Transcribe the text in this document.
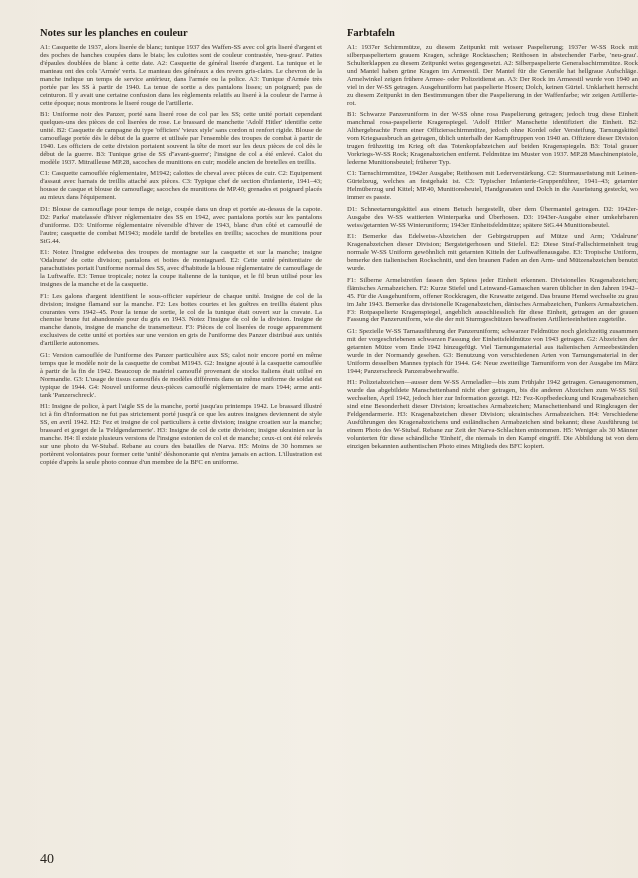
Notes sur les planches en couleur

A1: Casquette de 1937, alors liserée de blanc; tunique 1937 des Waffen-SS avec col gris liseré d'argent et des poches de hanches coupées dans le biais; les culottes sont de couleur contrastée, 'neu-grau'. Pattes d'épaules doublées de blanc à cette date. A2: Casquette de général liserée d'argent. La tunique et le manteau ont des cols 'Armée' verts. Le manteau des généraux a des revers gris-clairs. Le chevron de la manche indique un temps de service antérieur, dans l'armée ou la police. A3: Tunique d'Armée très portée par les SS à partir de 1940. La tenue de sortie a des pantalons lisses; un poignard; pas de ceinturon. Il y avait une certaine confusion dans les règlements relatifs au liseré à la couleur de l'arme à cette époque; nous montrons le liseré rouge de l'artillerie.

B1: Uniforme noir des Panzer, porté sans liseré rose de col par les SS; cette unité portait cependant quelques-uns des pièces de col liserées de rose. Le brassard de manchette 'Adolf Hitler' identifie cette unité. B2: Casquette de campagne du type 'officiers' 'vieux style' sans cordon ni renfort rigide. Blouse de camouflage portée dès le début de la guerre et utilisée par l'ensemble des troupes de combat à partir de 1940. Les officiers de cette division portaient souvent la tête de mort sur les deux pièces de col dès le début de la guerre. B3: Tunique grise de SS d''avant-guerre'; l'insigne de col a été enlevé. Calot du modèle 1937. Mitrailleuse MP.28, sacoches de munitions en cuir; modèle ancien de bretelles en treillis.

C1: Casquette camouflée réglementaire, M1942; calottes de cheval avec pièces de cuir. C2: Equipement d'assaut avec harnais de treillis attaché aux pièces. C3: Typique chef de section d'infanterie, 1941–43; housse de casque et blouse de camouflage; sacoches de munitions de MP.40; grenades et poignard placés au mieux dans l'équipement.

D1: Blouse de camouflage pour temps de neige, coupée dans un drap et portée au-dessus de la capote. D2: Parka' matelassée d'hiver réglementaire des SS en 1942, avec pantalons portés sur les pantalons d'uniforme. D3: Uniforme réglementaire réversible d'hiver de 1943, blanc d'un côté et camouflé de l'autre; casquette de combat M1943; modèle tardif de bretelles en treillis; sacoches de munitions pour StG.44.

E1: Notez l'insigne edelweiss des troupes de montagne sur la casquette et sur la manche; insigne 'Odalrune' de cette division; pantalons et bottes de montagnard. E2: Cette unité pénitentiaire de parachutistes portait l'uniforme normal des SS, avec d'habitude la blouse réglementaire de camouflage de la Luftwaffe. E3: Tenue tropicale; notez la coupe italienne de la tunique, et le fil brun utilisé pour les insignes de la manche et de la casquette.

F1: Les galons d'argent identifient le sous-officier supérieur de chaque unité. Insigne de col de la division; insigne flamand sur la manche. F2: Les bottes courtes et les guêtres en treillis étaient plus courantes vers 1942–45. Pour la tenue de sortie, le col de la tunique était ouvert sur la cravate. La chemise brune fut abandonnée pour du gris en 1943. Notez l'insigne de col de la division. Insigne de manche danois, insigne de manche de transmetteur. F3: Pièces de col liserées de rouge apparemment exclusives de cette unité et portées sur une version en gris de l'uniforme des Panzer distribué aux unités d'artillerie autonomes.

G1: Version camouflée de l'uniforme des Panzer particulière aux SS; calot noir encore porté en même temps que le modèle noir de la casquette de combat M1943. G2: Insigne ajouté à la casquette camouflée à partir de la fin de 1942. Beaucoup de matériel camouflé provenant de stocks italiens était utilisé en Normandie. G3: L'usage de tissus camouflés de modèles différents dans un même uniforme de soldat est typique de 1944. G4: Nouvel uniforme deux-pièces camouflé réglementaire de mars 1944; arme anti-tank 'Panzerschreck'.

H1: Insigne de police, à part l'aigle SS de la manche, porté jusqu'au printemps 1942. Le brassard illustré ici à fin d'information ne fut pas strictement porté jusqu'à ce que les autres insignes deviennent de style SS, en avril 1942. H2: Fez et insigne de col particuliers à cette division; insigne croatien sur la manche; brassard et gorget de la 'Feldgendarmerie'. H3: Insigne de col de cette division; insigne ukrainien sur la manche. H4: Il existe plusieurs versions de l'insigne estonien de col et de manche; ceux-ci ont été relevés sur une photo du W-Stubaf. Rebane au cours des batailles de Narva. H5: Moins de 30 hommes se portèrent volontaires pour former cette 'unité' déshonorante qui n'entra jamais en action. L'illustration est copiée d'après la seule photo connue d'un membre de la BFC en uniforme.

Farbtafeln

A1: 1937er Schirmmütze, zu diesem Zeitpunkt mit weisser Paspelierung; 1937er W-SS Rock mit silberpaspeliertem grauem Kragen, schräge Rocktaschen; Reithosen in abstechender Farbe, 'neu-grau'. Schulterklappen zu diesem Zeitpunkt weiss gegengesetzt. A2: Silberpaspelierte Generalsschirmmütze. Rock und Mantel haben grüne Kragen im Armeestil. Der Mantel für die Generäle hat hellgraue Aufschläge. Armelwinkel zeigen frühere Armee- oder Polizeidienst an. A3: Der Rock im Armeestil wurde von 1940 an viel in der W-SS getragen. Ausgehuniform hat paspelierte Hosen; Dolch, keinen Gürtel. Unklarheit herrscht zu diesem Zeitpunkt in den Bestimmungen über die Paspelierung in der Waffenfarbe; wir zeigen Artillerie-rot.

B1: Schwarze Panzeruniform in der W-SS ohne rosa Paspelierung getragen; jedoch trug diese Einheit manchmal rosa-paspelierte Kragenspiegel. 'Adolf Hitler' Manschette identifiziert die Einheit. B2: Althergebrachte Form einer Offiziersschirmmütze, jedoch ohne Kordel oder Versteifung. Tarnungskittel vom Kriegsausbruch an getragen, üblich unterhalb der Kampftruppen von 1940 an. Offiziere dieser Division trugen frühzeitig im Krieg oft das Totenkopfabzeichen auf beiden Kragenspiegeln. B3: Total grauer Vorkriegs-W-SS Rock; Kragenabzeichen entfernt. Feldmütze im Muster von 1937. MP.28 Maschinenpistole, lederne Munitionsbeutel; früherer Typ.

C1: Tarnschirmmütze, 1942er Ausgabe; Reithosen mit Lederverstärkung. C2: Sturmausrüstung mit Leinen-Gürtelzeug, welches an festgehakt ist. C3: Typischer Infanterie-Gruppenführer, 1941–43; getarnter Helmüberzug und Kittel; MP.40, Munitionsbeutel, Handgranaten und Dolch in die Ausrüstung gesteckt, wo immer es passte.

D1: Schneetarnungskittel aus einem Betuch hergestellt, über dem Übermantel getragen. D2: 1942er-Ausgabe des W-SS wattierten Winterparka und Überhosen. D3: 1943er-Ausgabe einer umkehrbaren weiss/getarnten W-SS Winteruniform; 1943er Einheitsfeldmütze; spätere StG.44 Munitionsbeutel.

E1: Bemerke das Edelweiss-Abzeichen der Gebirgstruppen auf Mütze und Arm; 'Odalrune' Kragenabzeichen dieser Division; Bergsteigerhosen und Stiefel. E2: Diese Straf-Fallschirmeinheit trug normale W-SS Uniform gewöhnlich mit getarnten Kitteln der Luftwaffenausgabe. E3: Tropische Uniform, bemerke den italienischen Rockschnitt, und den braunen Faden an den Arm- und Mützenabzeichen benutzt wurde.

F1: Silberne Armelstreifen fassen den Spiess jeder Einheit erkennen. Divisionelles Kragenabzeichen; flämisches Armabzeichen. F2: Kurze Stiefel und Leinwand-Gamaschen waren üblicher in den Jahren 1942–45. Für die Ausgehuniform, offener Rockkragen, die Krawatte zeigend. Das braune Hemd wechselte zu grau im Jahr 1943. Bemerke das divisionelle Kragenabzeichen, dänisches Armabzeichen, Funkers Armabzeichen. F3: Rotpaspelierte Kragenspiegel, angeblich ausschliesslich für diese Einheit, getragen an der grauen Fassung der Panzeruniform, wie die der mit Sturmgeschützen bewaffneten Artillerieeinheiten zugeteilte.

G1: Spezielle W-SS Tarnausführung der Panzeruniform; schwarzer Feldmütze noch gleichzeitig zusammen mit der vorgeschriebenen schwarzen Fassung der Einheitsfeldmütze von 1943 getragen. G2: Abzeichen der getarnten Mütze vom Ende 1942 hinzugefügt. Viel Tarnungsmaterial aus italienischen Armeebeständen wurde in der Normandy gesehen. G3: Benutzung von verschiedenen Arten von Tarnungsmaterial in der Uniform desselben Mannes typisch für 1944. G4: Neue zweiteilige Tarnuniform von der Ausgabe im März 1944; Panzerschreck Panzerabwehrwaffe.

H1: Polizeiabzeichen—ausser dem W-SS Armeladler—bis zum Frühjahr 1942 getragen. Genaugenommen, wurde das abgebildete Manschettenband nicht eher getragen, bis die anderen Abzeichen zum W-SS Stil wechselten, April 1942, jedoch hier zur Information gezeigt. H2: Fez-Kopfbedeckung und Kragenabzeichen sind eine Besonderheit dieser Division; kroatisches Armabzeichen; Manschettenband und Ringkragen der Feldgendarmerie. H3: Kragenabzeichen dieser Division; ukrainisches Armabzeichen. H4: Verschiedene Ausführungen des Kragenabzeichens und estländischen Armabzeichen sind bekannt; diese Ausführung ist einem Photo des W-Stubaf. Rebane zur Zeit der Narva-Schlachten entnommen. H5: Weniger als 30 Männer volunterten für diese schändliche 'Einheit', die niemals in den Kampf eingriff. Die Abbildung ist von dem einzigen bekannten authentischen Photo eines Mitglieds des BFC kopiert.

40
